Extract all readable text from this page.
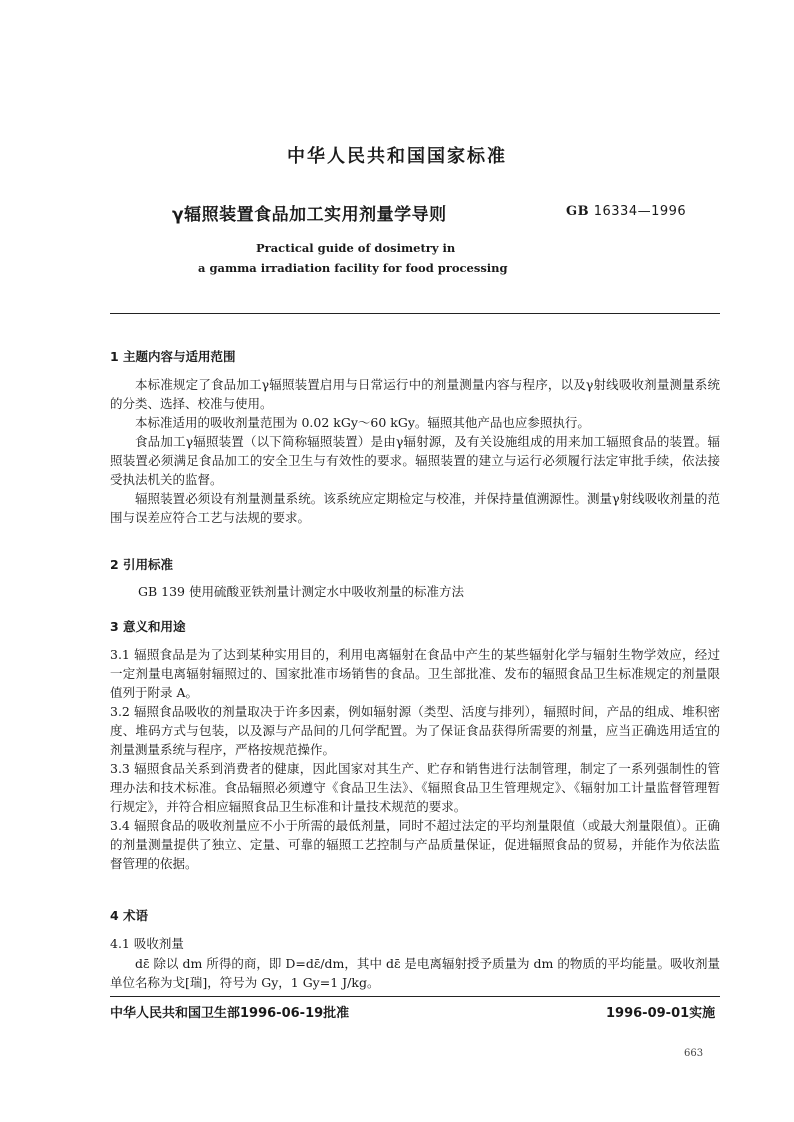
中华人民共和国国家标准
γ辐照装置食品加工实用剂量学导则	GB 16334—1996
Practical guide of dosimetry in
a gamma irradiation facility for food processing
1 主题内容与适用范围

本标准规定了食品加工γ辐照装置启用与日常运行中的剂量测量内容与程序，以及γ射线吸收剂量测量系统的分类、选择、校准与使用。

本标准适用的吸收剂量范围为 0.02 kGy～60 kGy。辐照其他产品也应参照执行。

食品加工γ辐照装置（以下简称辐照装置）是由γ辐射源，及有关设施组成的用来加工辐照食品的装置。辐照装置必须满足食品加工的安全卫生与有效性的要求。辐照装置的建立与运行必须履行法定审批手续，依法接受执法机关的监督。

辐照装置必须设有剂量测量系统。该系统应定期检定与校准，并保持量值溯源性。测量γ射线吸收剂量的范围与误差应符合工艺与法规的要求。

2 引用标准
GB 139 使用硫酸亚铁剂量计测定水中吸收剂量的标准方法
3 意义和用途

3.1 辐照食品是为了达到某种实用目的，利用电离辐射在食品中产生的某些辐射化学与辐射生物学效应，经过一定剂量电离辐射辐照过的、国家批准市场销售的食品。卫生部批准、发布的辐照食品卫生标准规定的剂量限值列于附录 A。

3.2 辐照食品吸收的剂量取决于许多因素，例如辐射源（类型、活度与排列），辐照时间，产品的组成、堆积密度、堆码方式与包装，以及源与产品间的几何学配置。为了保证食品获得所需要的剂量，应当正确选用适宜的剂量测量系统与程序，严格按规范操作。

3.3 辐照食品关系到消费者的健康，因此国家对其生产、贮存和销售进行法制管理，制定了一系列强制性的管理办法和技术标准。食品辐照必须遵守《食品卫生法》、《辐照食品卫生管理规定》、《辐射加工计量监督管理暂行规定》，并符合相应辐照食品卫生标准和计量技术规范的要求。

3.4 辐照食品的吸收剂量应不小于所需的最低剂量，同时不超过法定的平均剂量限值（或最大剂量限值）。正确的剂量测量提供了独立、定量、可靠的辐照工艺控制与产品质量保证，促进辐照食品的贸易，并能作为依法监督管理的依据。

4 术语
4.1 吸收剂量

dε̄ 除以 dm 所得的商，即 D=dε̄/dm，其中 dε̄ 是电离辐射授予质量为 dm 的物质的平均能量。吸收剂量单位名称为戈[瑞]，符号为 Gy，1 Gy=1 J/kg。

中华人民共和国卫生部1996-06-19批准	1996-09-01实施
663
